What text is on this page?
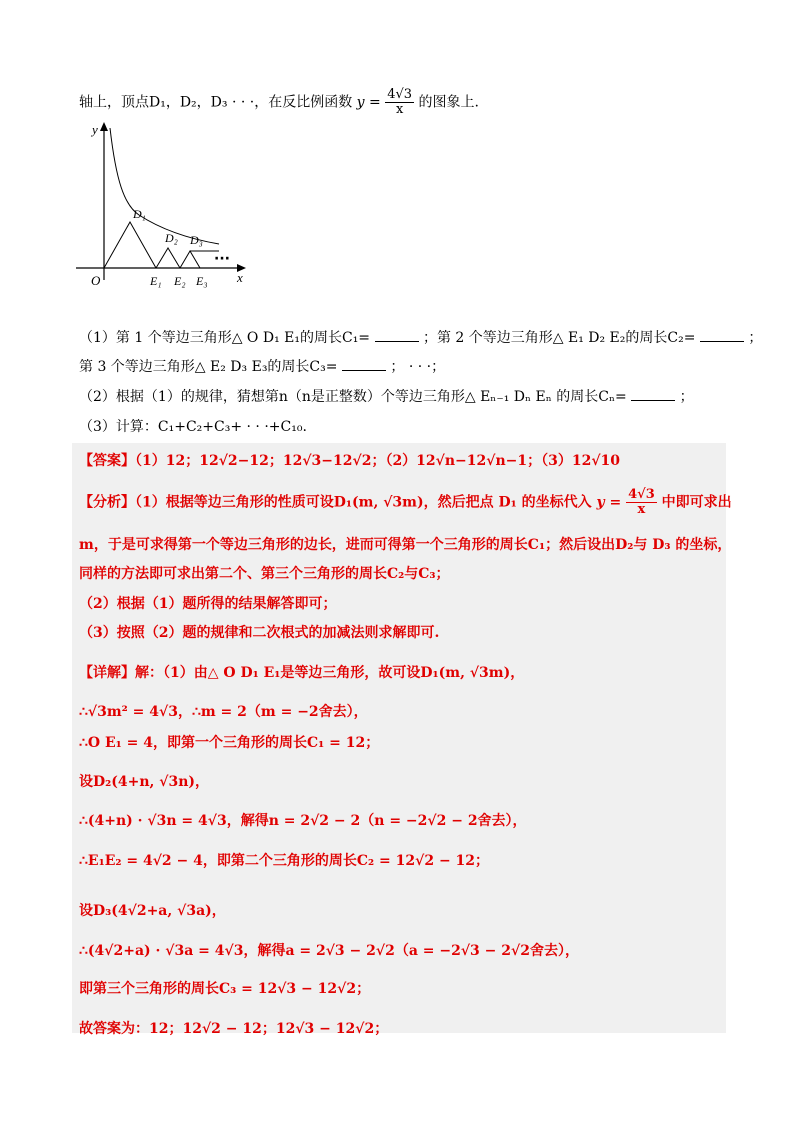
轴上，顶点D₁，D₂，D₃ · · ·，在反比例函数 $y = \frac{4√3}{x}$ 的图象上.
y
x
O
D₁
D₂ D₃
E₁ E₂ E₃
···
（1）第 1 个等边三角形△ O D₁ E₁的周长C₁=	；第 2 个等边三角形△ E₁ D₂ E₂的周长C₂=	；
第 3 个等边三角形△ E₂ D₃ E₃的周长C₃=	； · · ·；
（2）根据（1）的规律，猜想第n（n是正整数）个等边三角形△ Eₙ₋₁ Dₙ Eₙ 的周长Cₙ=	；
（3）计算：C₁+C₂+C₃+ · · ·+C₁₀.
【答案】（1）12；12√2−12；12√3−12√2；（2）12√n−12√n−1；（3）12√10
【分析】（1）根据等边三角形的性质可设D₁(m, √3m)，然后把点 D₁ 的坐标代入 $y = \frac{4√3}{x}$ 中即可求出
m，于是可求得第一个等边三角形的边长，进而可得第一个三角形的周长C₁；然后设出D₂与 D₃ 的坐标，
同样的方法即可求出第二个、第三个三角形的周长C₂与C₃；
（2）根据（1）题所得的结果解答即可；
（3）按照（2）题的规律和二次根式的加减法则求解即可.
【详解】解：（1）由△ O D₁ E₁是等边三角形，故可设D₁(m, √3m)，
∴√3m² = 4√3，∴m = 2（m = −2舍去），
∴O E₁ = 4，即第一个三角形的周长C₁ = 12；
设D₂(4+n, √3n)，
∴(4+n) · √3n = 4√3，解得n = 2√2 − 2（n = −2√2 − 2舍去），
∴E₁E₂ = 4√2 − 4，即第二个三角形的周长C₂ = 12√2 − 12；
设D₃(4√2+a, √3a)，
∴(4√2+a) · √3a = 4√3，解得a = 2√3 − 2√2（a = −2√3 − 2√2舍去），
即第三个三角形的周长C₃ = 12√3 − 12√2；
故答案为：12；12√2 − 12；12√3 − 12√2；
